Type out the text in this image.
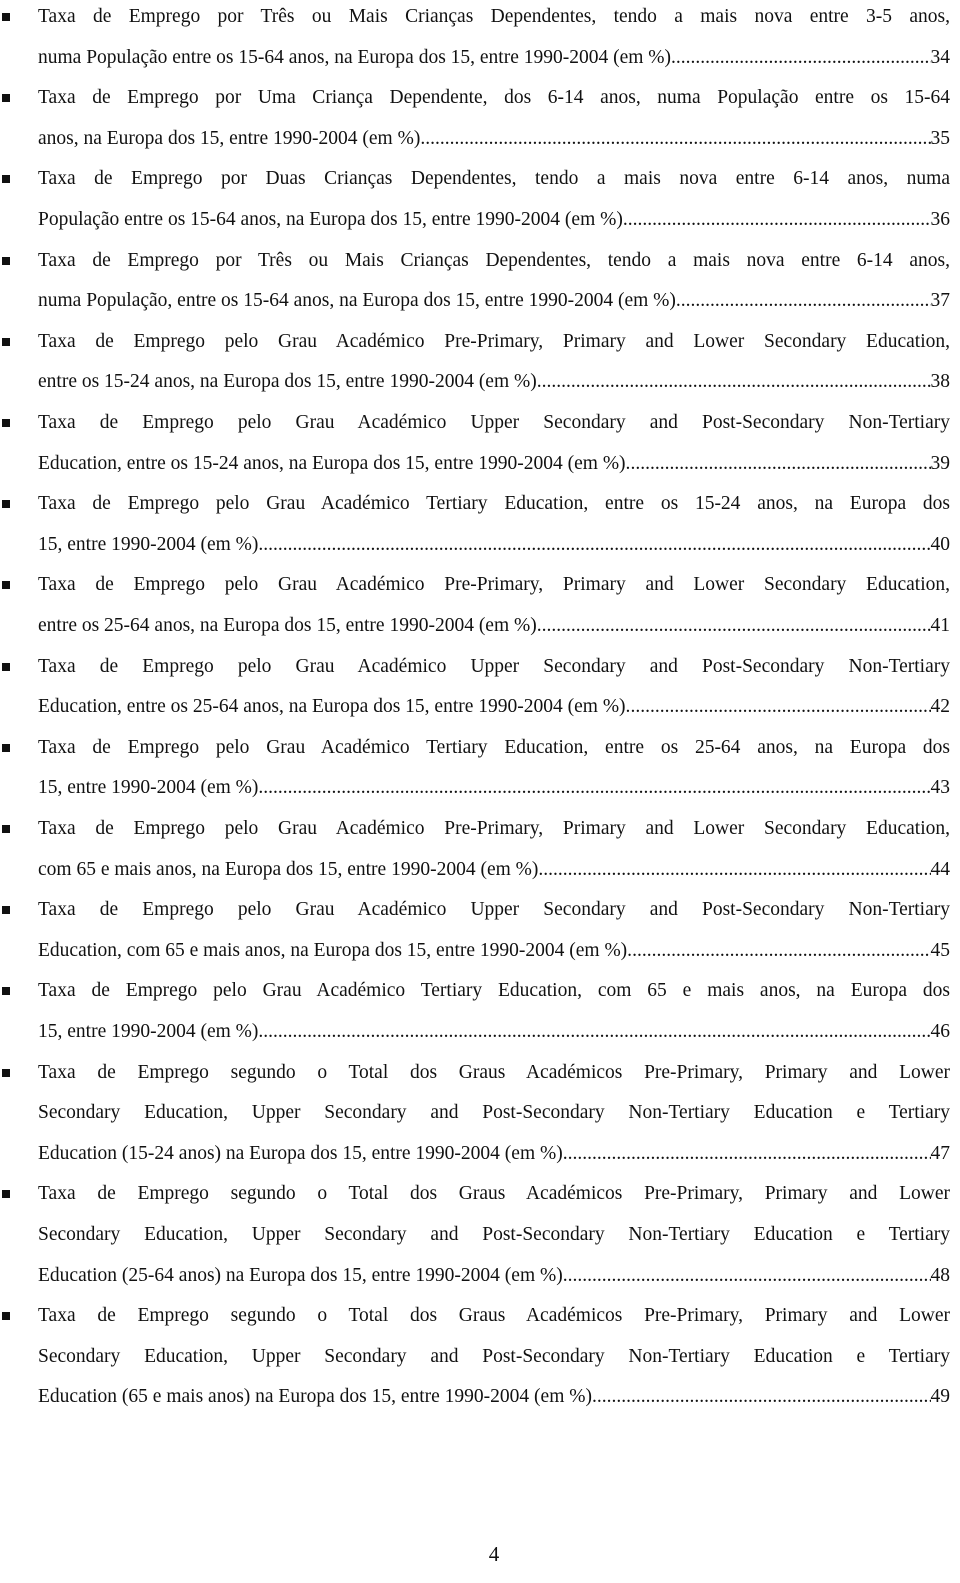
Taxa de Emprego por Três ou Mais Crianças Dependentes, tendo a mais nova entre 3-5 anos,
numa População entre os 15-64 anos, na Europa dos 15, entre 1990-2004 (em %). .....	34
Taxa de Emprego por Uma Criança Dependente, dos 6-14 anos, numa População entre os 15-64
anos, na Europa dos 15, entre 1990-2004 (em %). .....	35
Taxa de Emprego por Duas Crianças Dependentes, tendo a mais nova entre 6-14 anos, numa
População entre os 15-64 anos, na Europa dos 15, entre 1990-2004 (em %). .....	36
Taxa de Emprego por Três ou Mais Crianças Dependentes, tendo a mais nova entre 6-14 anos,
numa População, entre os 15-64 anos, na Europa dos 15, entre 1990-2004 (em %). .....	37
Taxa de Emprego pelo Grau Académico Pre-Primary, Primary and Lower Secondary Education,
entre os 15-24 anos, na Europa dos 15, entre 1990-2004 (em %). .....	38
Taxa de Emprego pelo Grau Académico Upper Secondary and Post-Secondary Non-Tertiary
Education, entre os 15-24 anos, na Europa dos 15, entre 1990-2004 (em %). .....	39
Taxa de Emprego pelo Grau Académico Tertiary Education, entre os 15-24 anos, na Europa dos
15, entre 1990-2004 (em %). .....	40
Taxa de Emprego pelo Grau Académico Pre-Primary, Primary and Lower Secondary Education,
entre os 25-64 anos, na Europa dos 15, entre 1990-2004 (em %). .....	41
Taxa de Emprego pelo Grau Académico Upper Secondary and Post-Secondary Non-Tertiary
Education, entre os 25-64 anos, na Europa dos 15, entre 1990-2004 (em %). .....	42
Taxa de Emprego pelo Grau Académico Tertiary Education, entre os 25-64 anos, na Europa dos
15, entre 1990-2004 (em %). .....	43
Taxa de Emprego pelo Grau Académico Pre-Primary, Primary and Lower Secondary Education,
com 65 e mais anos, na Europa dos 15, entre 1990-2004 (em %). .....	44
Taxa de Emprego pelo Grau Académico Upper Secondary and Post-Secondary Non-Tertiary
Education, com 65 e mais anos, na Europa dos 15, entre 1990-2004 (em %). .....	45
Taxa de Emprego pelo Grau Académico Tertiary Education, com 65 e mais anos, na Europa dos
15, entre 1990-2004 (em %). .....	46
Taxa de Emprego segundo o Total dos Graus Académicos Pre-Primary, Primary and Lower
Secondary Education, Upper Secondary and Post-Secondary Non-Tertiary Education e Tertiary
Education (15-24 anos) na Europa dos 15, entre 1990-2004 (em %). .....	47
Taxa de Emprego segundo o Total dos Graus Académicos Pre-Primary, Primary and Lower
Secondary Education, Upper Secondary and Post-Secondary Non-Tertiary Education e Tertiary
Education (25-64 anos) na Europa dos 15, entre 1990-2004 (em %). .....	48
Taxa de Emprego segundo o Total dos Graus Académicos Pre-Primary, Primary and Lower
Secondary Education, Upper Secondary and Post-Secondary Non-Tertiary Education e Tertiary
Education (65 e mais anos) na Europa dos 15, entre 1990-2004 (em %). .....	49
4
